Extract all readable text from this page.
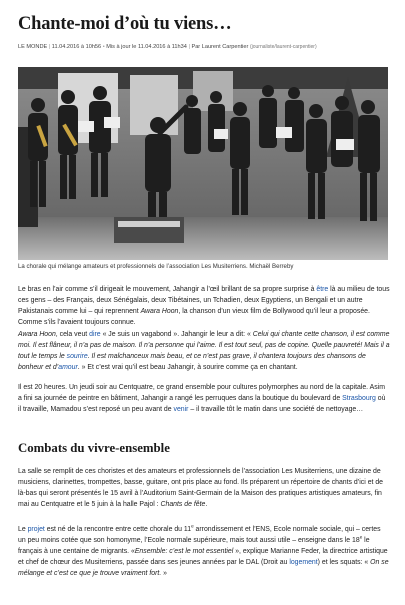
Chante-moi d’où tu viens…
LE MONDE | 11.04.2016 à 10h56 • Mis à jour le 11.04.2016 à 11h34 | Par Laurent Carpentier (journaliste/laurent-carpentier)
La chorale qui mélange amateurs et professionnels de l’association Les Musiterriens. Michaël Berreby

Le bras en l’air comme s’il dirigeait le mouvement, Jahangir a l’œil brillant de sa propre surprise à être là au milieu de tous ces gens – des Français, deux Sénégalais, deux Tibétaines, un Tchadien, deux Egyptiens, un Bengali et un autre Pakistanais comme lui – qui reprennent Awara Hoon, la chanson d’un vieux film de Bollywood qu’il leur a proposée. Comme s’ils l’avaient toujours connue.

Awara Hoon, cela veut dire « Je suis un vagabond ». Jahangir le leur a dit: « Celui qui chante cette chanson, il est comme moi. Il est flâneur, il n’a pas de maison. Il n’a personne qui l’aime. Il est tout seul, pas de copine. Quelle pauvreté! Mais il a tout le temps le sourire. Il est malchanceux mais beau, et ce n’est pas grave, il chantera toujours des chansons de bonheur et d’amour. » Et c’est vrai qu’il est beau Jahangir, à sourire comme ça en chantant.

Il est 20 heures. Un jeudi soir au Centquatre, ce grand ensemble pour cultures polymorphes au nord de la capitale. Asim a fini sa journée de peintre en bâtiment, Jahangir a rangé les perruques dans la boutique du boulevard de Strasbourg où il travaille, Mamadou s’est reposé un peu avant de venir – il travaille tôt le matin dans une société de nettoyage…

Combats du vivre-ensemble

La salle se remplit de ces choristes et des amateurs et professionnels de l’association Les Musiterriens, une dizaine de musiciens, clarinettes, trompettes, basse, guitare, ont pris place au fond. Ils préparent un répertoire de chants d’ici et de là-bas qui seront présentés le 15 avril à l’Auditorium Saint-Germain de la Maison des pratiques artistiques amateurs, fin mai au Centquatre et le 5 juin à la halle Pajol : Chants de fête.

Le projet est né de la rencontre entre cette chorale du 11e arrondissement et l’ENS, Ecole normale sociale, qui – certes un peu moins cotée que son homonyme, l’Ecole normale supérieure, mais tout aussi utile – enseigne dans le 18e le français à une centaine de migrants. «Ensemble: c’est le mot essentiel », explique Marianne Feder, la directrice artistique et chef de chœur des Musiterriens, passée dans ses jeunes années par le DAL (Droit au logement) et les squats: « On se mélange et c’est ce que je trouve vraiment fort. »
